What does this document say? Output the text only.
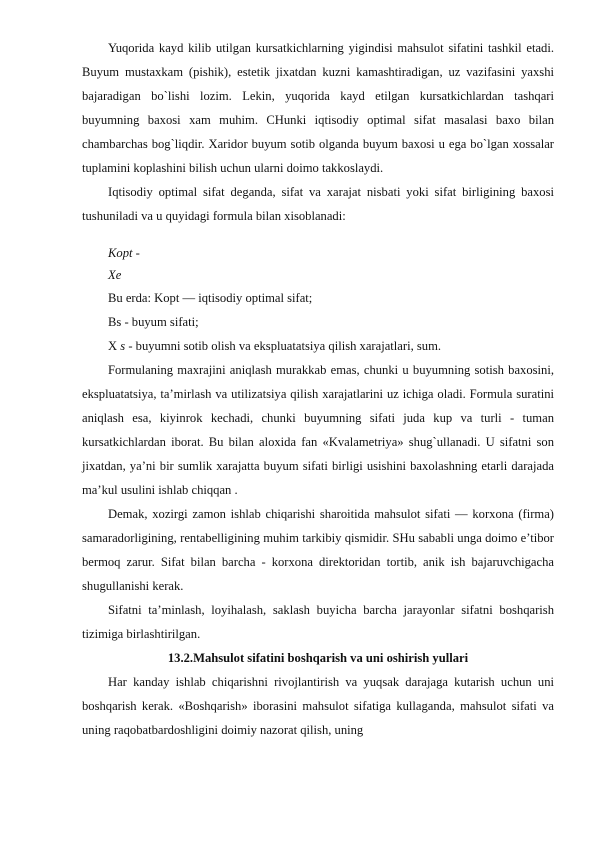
Yuqorida kayd kilib utilgan kursatkichlarning yigindisi mahsulot sifatini tashkil etadi. Buyum mustaxkam (pishik), estetik jixatdan kuzni kamashtiradigan, uz vazifasini yaxshi bajaradigan bo`lishi lozim. Lekin, yuqorida kayd etilgan kursatkichlardan tashqari buyumning baxosi xam muhim. CHunki iqtisodiy optimal sifat masalasi baxo bilan chambarchas bog`liqdir. Xaridor buyum sotib olganda buyum baxosi u ega bo`lgan xossalar tuplamini koplashini bilish uchun ularni doimo takkoslaydi.

Iqtisodiy optimal sifat deganda, sifat va xarajat nisbati yoki sifat birligining baxosi tushuniladi va u quyidagi formula bilan xisoblanadi:

Kopt -

Xe

Bu erda: Kopt — iqtisodiy optimal sifat;

Bs - buyum sifati;

X s - buyumni sotib olish va ekspluatatsiya qilish xarajatlari, sum.

Formulaning maxrajini aniqlash murakkab emas, chunki u buyumning sotish baxosini, ekspluatatsiya, ta’mirlash va utilizatsiya qilish xarajatlarini uz ichiga oladi. Formula suratini aniqlash esa, kiyinrok kechadi, chunki buyumning sifati juda kup va turli - tuman kursatkichlardan iborat. Bu bilan aloxida fan «Kvalametriya» shug`ullanadi. U sifatni son jixatdan, ya’ni bir sumlik xarajatta buyum sifati birligi usishini baxolashning etarli darajada ma’kul usulini ishlab chiqqan .

Demak, xozirgi zamon ishlab chiqarishi sharoitida mahsulot sifati — korxona (firma) samaradorligining, rentabelligining muhim tarkibiy qismidir. SHu sababli unga doimo e’tibor bermoq zarur. Sifat bilan barcha - korxona direktoridan tortib, anik ish bajaruvchigacha shugullanishi kerak.

Sifatni ta’minlash, loyihalash, saklash buyicha barcha jarayonlar sifatni boshqarish tizimiga birlashtirilgan.

13.2.Mahsulot sifatini boshqarish va uni oshirish yullari

Har kanday ishlab chiqarishni rivojlantirish va yuqsak darajaga kutarish uchun uni boshqarish kerak. «Boshqarish» iborasini mahsulot sifatiga kullaganda, mahsulot sifati va uning raqobatbardoshligini doimiy nazorat qilish, uning
